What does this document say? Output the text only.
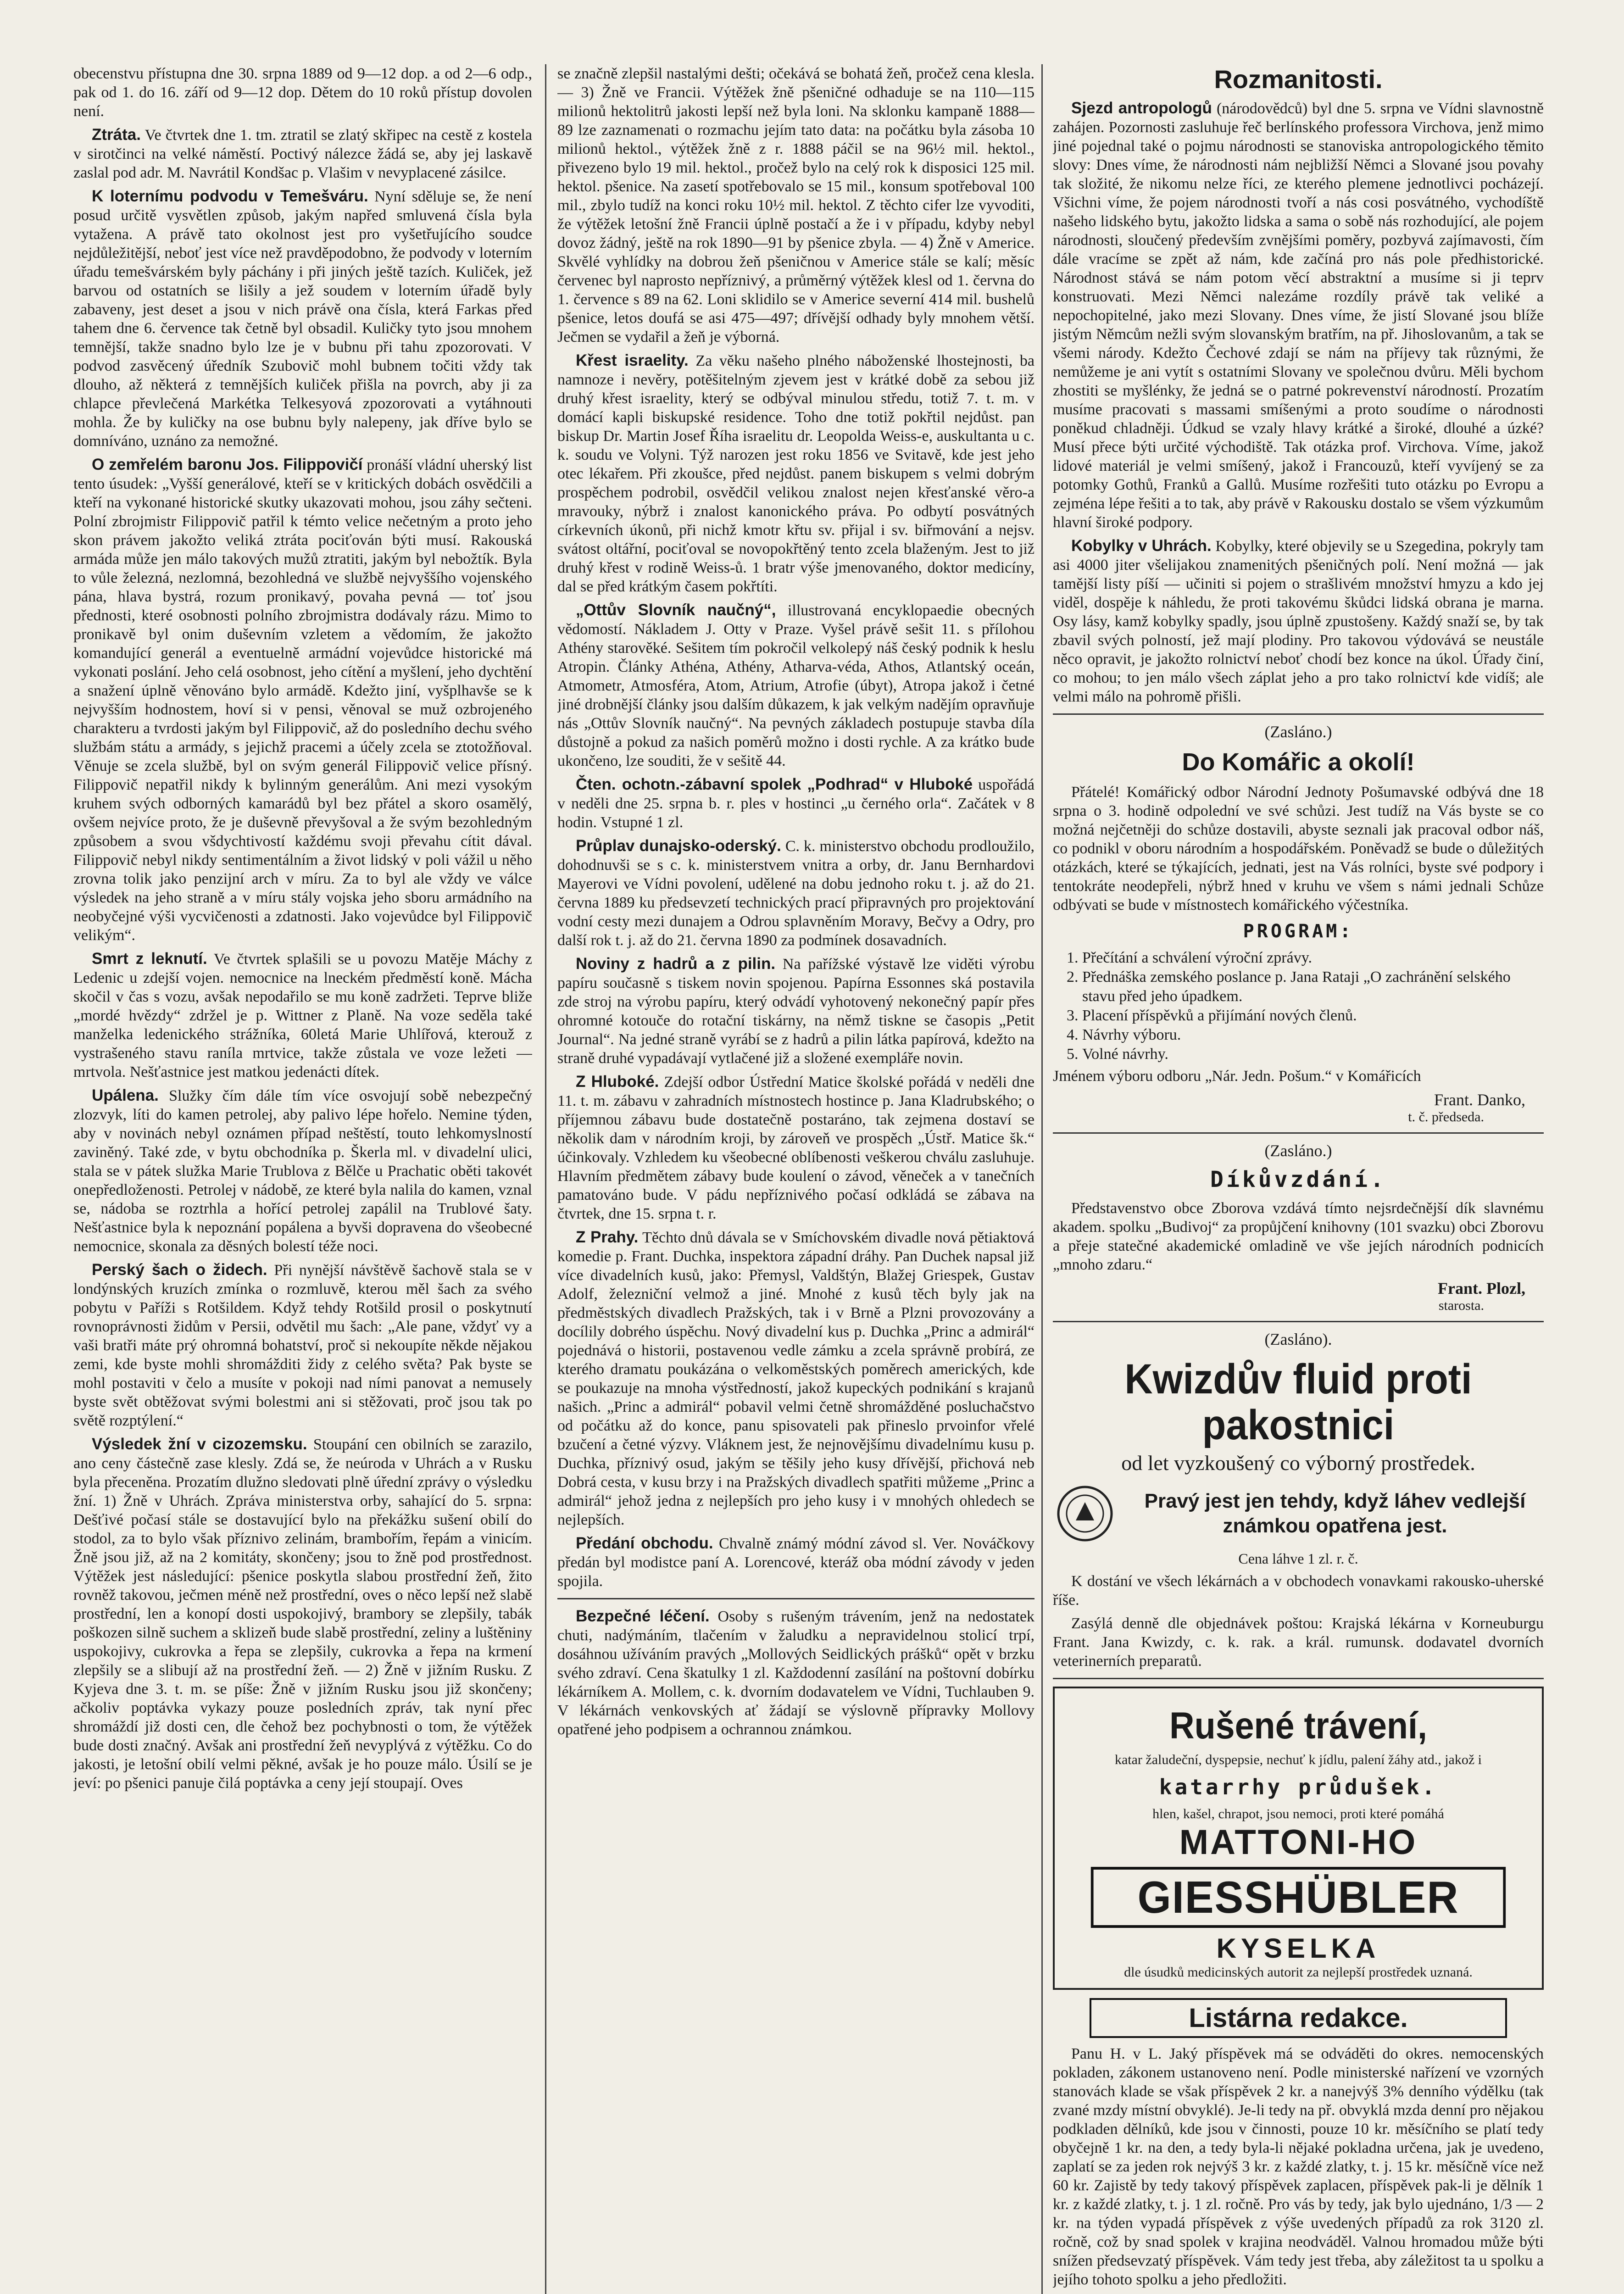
obecenstvu přístupna dne 30. srpna 1889 od 9—12 dop. a od 2—6 odp., pak od 1. do 16. září od 9—12 dop. Dětem do 10 roků přístup dovolen není.

Ztráta. Ve čtvrtek dne 1. tm. ztratil se zlatý skřipec na cestě z kostela v sirotčinci na velké náměstí. Poctivý nálezce žádá se, aby jej laskavě zaslal pod adr. M. Navrátil Kondšac p. Vlašim v nevyplacené zásilce.

K loternímu podvodu v Temešváru. Nyní sděluje se, že není posud určitě vysvětlen způsob, jakým napřed smluvená čísla byla vytažena. A právě tato okolnost jest pro vyšetřujícího soudce nejdůležitější, neboť jest více než pravděpodobno, že podvody v loterním úřadu temešvárském byly páchány i při jiných ještě tazích. Kuliček, jež barvou od ostatních se lišily a jež soudem v loterním úřadě byly zabaveny, jest deset a jsou v nich právě ona čísla, která Farkas před tahem dne 6. července tak četně byl obsadil. Kuličky tyto jsou mnohem temnější, takže snadno bylo lze je v bubnu při tahu zpozorovati. V podvod zasvěcený úředník Szubovič mohl bubnem točiti vždy tak dlouho, až některá z temnějších kuliček přišla na povrch, aby ji za chlapce převlečená Markétka Telkesyová zpozorovati a vytáhnouti mohla. Že by kuličky na ose bubnu byly nalepeny, jak dříve bylo se domníváno, uznáno za nemožné.

O zemřelém baronu Jos. Filippovičí pronáší vládní uherský list tento úsudek: „Vyšší generálové, kteří se v kritických dobách osvědčili a kteří na vykonané historické skutky ukazovati mohou, jsou záhy sečteni. Polní zbrojmistr Filippovič patřil k témto velice nečetným a proto jeho skon právem jakožto veliká ztráta pociťován býti musí. Rakouská armáda může jen málo takových mužů ztratiti, jakým byl nebožtík. Byla to vůle železná, nezlomná, bezohledná ve službě nejvyššího vojenského pána, hlava bystrá, rozum pronikavý, povaha pevná — toť jsou přednosti, které osobnosti polního zbrojmistra dodávaly rázu. Mimo to pronikavě byl onim duševním vzletem a vědomím, že jakožto komandující generál a eventuelně armádní vojevůdce historické má vykonati poslání. Jeho celá osobnost, jeho cítění a myšlení, jeho dychtění a snažení úplně věnováno bylo armádě. Kdežto jiní, vyšplhavše se k nejvyšším hodnostem, hoví si v pensi, věnoval se muž ozbrojeného charakteru a tvrdosti jakým byl Filippovič, až do posledního dechu svého službám státu a armády, s jejichž pracemi a účely zcela se ztotožňoval. Věnuje se zcela službě, byl on svým generál Filippovič velice přísný. Filippovič nepatřil nikdy k bylinným generálům. Ani mezi vysokým kruhem svých odborných kamarádů byl bez přátel a skoro osamělý, ovšem nejvíce proto, že je duševně převyšoval a že svým bezohledným způsobem a svou všdychtivostí každému svoji převahu cítit dával. Filippovič nebyl nikdy sentimentálním a život lidský v poli vážil u něho zrovna tolik jako penzijní arch v míru. Za to byl ale vždy ve válce výsledek na jeho straně a v míru stály vojska jeho sboru armádního na neobyčejné výši vycvičenosti a zdatnosti. Jako vojevůdce byl Filippovič velikým“.

Smrt z leknutí. Ve čtvrtek splašili se u povozu Matěje Máchy z Ledenic u zdejší vojen. nemocnice na lneckém předměstí koně. Mácha skočil v čas s vozu, avšak nepodařilo se mu koně zadržeti. Teprve bliže „mordé hvězdy“ zdržel je p. Wittner z Planě. Na voze seděla také manželka ledenického strážníka, 60letá Marie Uhlířová, kterouž z vystrašeného stavu raníla mrtvice, takže zůstala ve voze ležeti — mrtvola. Nešťastnice jest matkou jedenácti dítek.

Upálena. Služky čím dále tím více osvojují sobě nebezpečný zlozvyk, líti do kamen petrolej, aby palivo lépe hořelo. Nemine týden, aby v novinách nebyl oznámen případ neštěstí, touto lehkomyslností zaviněný. Také zde, v bytu obchodníka p. Škerla ml. v divadelní ulici, stala se v pátek služka Marie Trublova z Bělče u Prachatic oběti takovét onepředloženosti. Petrolej v nádobě, ze které byla nalila do kamen, vznal se, nádoba se roztrhla a hořící petrolej zapálil na Trublové šaty. Nešťastnice byla k nepoznání popálena a byvši dopravena do všeobecné nemocnice, skonala za děsných bolestí téže noci.

Perský šach o židech. Při nynější návštěvě šachově stala se v londýnských kruzích zmínka o rozmluvě, kterou měl šach za svého pobytu v Paříži s Rotšildem. Když tehdy Rotšild prosil o poskytnutí rovnoprávnosti židům v Persii, odvětil mu šach: „Ale pane, vždyť vy a vaši bratři máte prý ohromná bohatství, proč si nekoupíte někde nějakou zemi, kde byste mohli shromážditi židy z celého světa? Pak byste se mohl postaviti v čelo a musíte v pokoji nad ními panovat a nemusely byste svět obtěžovat svými bolestmi ani si stěžovati, proč jsou tak po světě rozptýlení.“

Výsledek žní v cizozemsku. Stoupání cen obilních se zarazilo, ano ceny částečně zase klesly. Zdá se, že neúroda v Uhrách a v Rusku byla přeceněna. Prozatím dlužno sledovati plně úřední zprávy o výsledku žní. 1) Žně v Uhrách. Zpráva ministerstva orby, sahající do 5. srpna: Dešťivé počasí stále se dostavující bylo na překážku sušení obilí do stodol, za to bylo však příznivo zelinám, brambořím, řepám a vinicím. Žně jsou již, až na 2 komitáty, skončeny; jsou to žně pod prostřednost. Výtěžek jest následující: pšenice poskytla slabou prostřední žeň, žito rovněž takovou, ječmen méně než prostřední, oves o něco lepší než slabě prostřední, len a konopí dosti uspokojivý, brambory se zlepšily, tabák poškozen silně suchem a sklizeň bude slabě prostřední, zeliny a luštěniny uspokojivy, cukrovka a řepa se zlepšily, cukrovka a řepa na krmení zlepšily se a slibují až na prostřední žeň. — 2) Žně v jižním Rusku. Z Kyjeva dne 3. t. m. se píše: Žně v jižním Rusku jsou již skončeny; ačkoliv poptávka vykazy pouze posledních zpráv, tak nyní přec shromáždí již dosti cen, dle čehož bez pochybnosti o tom, že výtěžek bude dosti značný. Avšak ani prostřední žeň nevyplývá z výtěžku. Co do jakosti, je letošní obilí velmi pěkné, avšak je ho pouze málo. Úsilí se je jeví: po pšenici panuje čilá poptávka a ceny její stoupají. Oves

se značně zlepšil nastalými dešti; očekává se bohatá žeň, pročež cena klesla. — 3) Žně ve Francii. Výtěžek žně pšeničné odhaduje se na 110—115 milionů hektolitrů jakosti lepší než byla loni. Na sklonku kampaně 1888—89 lze zaznamenati o rozmachu jejím tato data: na počátku byla zásoba 10 milionů hektol., výtěžek žně z r. 1888 páčil se na 96½ mil. hektol., přivezeno bylo 19 mil. hektol., pročež bylo na celý rok k disposici 125 mil. hektol. pšenice. Na zasetí spotřebovalo se 15 mil., konsum spotřeboval 100 mil., zbylo tudíž na konci roku 10½ mil. hektol. Z těchto cifer lze vyvoditi, že výtěžek letošní žně Francii úplně postačí a že i v případu, kdyby nebyl dovoz žádný, ještě na rok 1890—91 by pšenice zbyla. — 4) Žně v Americe. Skvělé vyhlídky na dobrou žeň pšeničnou v Americe stále se kalí; měsíc červenec byl naprosto nepříznivý, a průměrný výtěžek klesl od 1. června do 1. července s 89 na 62. Loni sklidilo se v Americe severní 414 mil. bushelů pšenice, letos doufá se asi 475—497; dřívější odhady byly mnohem větší. Ječmen se vydařil a žeň je výborná.

Křest israelity. Za věku našeho plného náboženské lhostejnosti, ba namnoze i nevěry, potěšitelným zjevem jest v krátké době za sebou již druhý křest israelity, který se odbýval minulou středu, totiž 7. t. m. v domácí kapli biskupské residence. Toho dne totiž pokřtil nejdůst. pan biskup Dr. Martin Josef Říha israelitu dr. Leopolda Weiss-e, auskultanta u c. k. soudu ve Volyni. Týž narozen jest roku 1856 ve Svitavě, kde jest jeho otec lékařem. Při zkoušce, před nejdůst. panem biskupem s velmi dobrým prospěchem podrobil, osvědčil velikou znalost nejen křesťanské věro-a mravouky, nýbrž i znalost kanonického práva. Po odbytí posvátných církevních úkonů, při nichž kmotr křtu sv. přijal i sv. biřmování a nejsv. svátost oltářní, pociťoval se novopokřtěný tento zcela blaženým. Jest to již druhý křest v rodině Weiss-ů. 1 bratr výše jmenovaného, doktor medicíny, dal se před krátkým časem pokřtíti.

„Ottův Slovník naučný“, illustrovaná encyklopaedie obecných vědomostí. Nákladem J. Otty v Praze. Vyšel právě sešit 11. s přílohou Athény starověké. Sešitem tím pokročil velkolepý náš český podnik k heslu Atropin. Články Athéna, Athény, Atharva-véda, Athos, Atlantský oceán, Atmometr, Atmosféra, Atom, Atrium, Atrofie (úbyt), Atropa jakož i četné jiné drobnější články jsou dalším důkazem, k jak velkým nadějím opravňuje nás „Ottův Slovník naučný“. Na pevných základech postupuje stavba díla důstojně a pokud za našich poměrů možno i dosti rychle. A za krátko bude ukončeno, lze souditi, že v sešitě 44.

Čten. ochotn.-zábavní spolek „Podhrad“ v Hluboké uspořádá v neděli dne 25. srpna b. r. ples v hostinci „u černého orla“. Začátek v 8 hodin. Vstupné 1 zl.

Průplav dunajsko-oderský. C. k. ministerstvo obchodu prodloužilo, dohodnuvši se s c. k. ministerstvem vnitra a orby, dr. Janu Bernhardovi Mayerovi ve Vídni povolení, udělené na dobu jednoho roku t. j. až do 21. června 1889 ku předsevzetí technických prací připravných pro projektování vodní cesty mezi dunajem a Odrou splavněním Moravy, Bečvy a Odry, pro další rok t. j. až do 21. června 1890 za podmínek dosavadních.

Noviny z hadrů a z pilin. Na pařížské výstavě lze viděti výrobu papíru současně s tiskem novin spojenou. Papírna Essonnes ská postavila zde stroj na výrobu papíru, který odvádí vyhotovený nekonečný papír přes ohromné kotouče do rotační tiskárny, na němž tiskne se časopis „Petit Journal“. Na jedné straně vyrábí se z hadrů a pilin látka papírová, kdežto na straně druhé vypadávají vytlačené již a složené exempláře novin.

Z Hluboké. Zdejší odbor Ústřední Matice školské pořádá v neděli dne 11. t. m. zábavu v zahradních místnostech hostince p. Jana Kladrubského; o příjemnou zábavu bude dostatečně postaráno, tak zejmena dostaví se několik dam v národním kroji, by zároveň ve prospěch „Ústř. Matice šk.“ účinkovaly. Vzhledem ku všeobecné oblíbenosti veškerou chválu zasluhuje. Hlavním předmětem zábavy bude koulení o závod, věneček a v tanečních pamatováno bude. V pádu nepříznivého počasí odkládá se zábava na čtvrtek, dne 15. srpna t. r.

Z Prahy. Těchto dnů dávala se v Smíchovském divadle nová pětiaktová komedie p. Frant. Duchka, inspektora západní dráhy. Pan Duchek napsal již více divadelních kusů, jako: Přemysl, Valdštýn, Blažej Griespek, Gustav Adolf, železniční velmož a jiné. Mnohé z kusů těch byly jak na předměstských divadlech Pražských, tak i v Brně a Plzni provozovány a docílily dobrého úspěchu. Nový divadelní kus p. Duchka „Princ a admirál“ pojednává o historii, postavenou vedle zámku a zcela správně probírá, ze kterého dramatu poukázána o velkoměstských poměrech amerických, kde se poukazuje na mnoha výstředností, jakož kupeckých podnikání s krajanů našich. „Princ a admirál“ pobavil velmi četně shromážděné posluchačstvo od počátku až do konce, panu spisovateli pak přineslo prvoinfor vřelé bzučení a četné výzvy. Vláknem jest, že nejnovějšímu divadelnímu kusu p. Duchka, příznivý osud, jakým se těšily jeho kusy dřívější, přichová neb Dobrá cesta, v kusu brzy i na Pražských divadlech spatřiti můžeme „Princ a admirál“ jehož jedna z nejlepších pro jeho kusy i v mnohých ohledech se nejlepších.

Předání obchodu. Chvalně známý módní závod sl. Ver. Nováčkovy předán byl modistce paní A. Lorencové, kteráž oba módní závody v jeden spojila.

Bezpečné léčení. Osoby s rušeným trávením, jenž na nedostatek chuti, nadýmáním, tlačením v žaludku a nepravidelnou stolicí trpí, dosáhnou užíváním pravých „Mollových Seidlických prášků“ opět v brzku svého zdraví. Cena škatulky 1 zl. Každodenní zasílání na poštovní dobírku lékárníkem A. Mollem, c. k. dvorním dodavatelem ve Vídni, Tuchlauben 9. V lékárnách venkovských ať žádají se výslovně přípravky Mollovy opatřené jeho podpisem a ochrannou známkou.

Rozmanitosti.

Sjezd antropologů (národovědců) byl dne 5. srpna ve Vídni slavnostně zahájen. Pozornosti zasluhuje řeč berlínského professora Virchova, jenž mimo jiné pojednal také o pojmu národnosti se stanoviska antropologického těmito slovy: Dnes víme, že národnosti nám nejbližší Němci a Slované jsou povahy tak složité, že nikomu nelze říci, ze kterého plemene jednotlivci pocházejí. Všichni víme, že pojem národnosti tvoří a nás cosi posvátného, vychodíště našeho lidského bytu, jakožto lidska a sama o sobě nás rozhodující, ale pojem národnosti, sloučený především zvnějšími poměry, pozbyvá zajímavosti, čím dále vracíme se zpět až nám, kde začíná pro nás pole předhistorické. Národnost stává se nám potom věcí abstraktní a musíme si ji teprv konstruovati. Mezi Němci nalezáme rozdíly právě tak veliké a nepochopitelné, jako mezi Slovany. Dnes víme, že jistí Slované jsou blíže jistým Němcům nežli svým slovanským bratřím, na př. Jihoslovanům, a tak se všemi národy. Kdežto Čechové zdají se nám na příjevy tak různými, že nemůžeme je ani vytít s ostatními Slovany ve společnou dvůru. Měli bychom zhostiti se myšlénky, že jedná se o patrné pokrevenství národností. Prozatím musíme pracovati s massami smíšenými a proto soudíme o národnosti poněkud chladněji. Údkud se vzaly hlavy krátké a široké, dlouhé a úzké? Musí přece býti určité východiště. Tak otázka prof. Virchova. Víme, jakož lidové materiál je velmi smíšený, jakož i Francouzů, kteří vyvíjený se za potomky Gothů, Franků a Gallů. Musíme rozřešiti tuto otázku po Evropu a zejména lépe řešiti a to tak, aby právě v Rakousku dostalo se všem výzkumům hlavní široké podpory.

Kobylky v Uhrách. Kobylky, které objevily se u Szegedina, pokryly tam asi 4000 jiter všelijakou znamenitých pšeničných polí. Není možná — jak tamější listy píší — učiniti si pojem o strašlivém množství hmyzu a kdo jej viděl, dospěje k náhledu, že proti takovému škůdci lidská obrana je marna. Osy lásy, kamž kobylky spadly, jsou úplně zpustošeny. Každý snaží se, by tak zbavil svých polností, jež mají plodiny. Pro takovou výdovává se neustále něco opravit, je jakožto rolnictví neboť chodí bez konce na úkol. Úřady činí, co mohou; to jen málo všech záplat jeho a pro tako rolnictví kde vidíš; ale velmi málo na pohromě přišli.

(Zasláno.)
Do Komářic a okolí!

Přátelé! Komářický odbor Národní Jednoty Pošumavské odbývá dne 18 srpna o 3. hodině odpolední ve své schůzi. Jest tudíž na Vás byste se co možná nejčetněji do schůze dostavili, abyste seznali jak pracoval odbor náš, co podnikl v oboru národním a hospodářském. Poněvadž se bude o důležitých otázkách, které se týkajících, jednati, jest na Vás rolníci, byste své podpory i tentokráte neodepřeli, nýbrž hned v kruhu ve všem s námi jednali Schůze odbývati se bude v místnostech komářického výčestníka.

PROGRAM:
1. Přečítání a schválení výroční zprávy.
2. Přednáška zemského poslance p. Jana Rataji „O zachránění selského stavu před jeho úpadkem.
3. Placení příspěvků a přijímání nových členů.
4. Návrhy výboru.
5. Volné návrhy.

Jménem výboru odboru „Nár. Jedn. Pošum.“ v Komářicích

Frant. Danko,
t. č. předseda.
(Zasláno.)
Díkůvzdání.

Představenstvo obce Zborova vzdává tímto nejsrdečnější dík slavnému akadem. spolku „Budivoj“ za propůjčení knihovny (101 svazku) obci Zborovu a přeje statečné akademické omladině ve vše jejích národních podnicích „mnoho zdaru.“

Frant. Plozl,
starosta.
(Zasláno).
Kwizdův fluid proti pakostnici
od let vyzkoušený co výborný prostředek.
Pravý jest jen tehdy, když láhev vedlejší známkou opatřena jest.
Cena láhve 1 zl. r. č.

K dostání ve všech lékárnách a v obchodech vonavkami rakousko-uherské říše.

Zasýlá denně dle objednávek poštou: Krajská lékárna v Korneuburgu Frant. Jana Kwizdy, c. k. rak. a král. rumunsk. dodavatel dvorních veterinerních preparatů.

Rušené trávení,
katar žaludeční, dyspepsie, nechuť k jídlu, palení žáhy atd., jakož i
katarrhy průdušek.
hlen, kašel, chrapot, jsou nemoci, proti které pomáhá
MATTONI-HO
GIESSHÜBLER
KYSELKA
dle úsudků medicinských autorit za nejlepší prostředek uznaná.
Listárna redakce.

Panu H. v L. Jaký příspěvek má se odváděti do okres. nemocenských pokladen, zákonem ustanoveno není. Podle ministerské nařízení ve vzorných stanovách klade se však příspěvek 2 kr. a nanejvýš 3% denního výdělku (tak zvané mzdy místní obvyklé). Je-li tedy na př. obvyklá mzda denní pro nějakou podkladen dělníků, kde jsou v činnosti, pouze 10 kr. měsíčního se platí tedy obyčejně 1 kr. na den, a tedy byla-li nějaké pokladna určena, jak je uvedeno, zaplatí se za jeden rok nejvýš 3 kr. z každé zlatky, t. j. 15 kr. měsíčně více než 60 kr. Zajistě by tedy takový příspěvek zaplacen, příspěvek pak-li je dělník 1 kr. z každé zlatky, t. j. 1 zl. ročně. Pro vás by tedy, jak bylo ujednáno, 1/3 — 2 kr. na týden vypadá příspěvek z výše uvedených případů za rok 3120 zl. ročně, což by snad spolek v krajina neodváděl. Valnou hromadou může býti snížen předsevzatý příspěvek. Vám tedy jest třeba, aby záležitost ta u spolku a jejího tohoto spolku a jeho předložiti.
